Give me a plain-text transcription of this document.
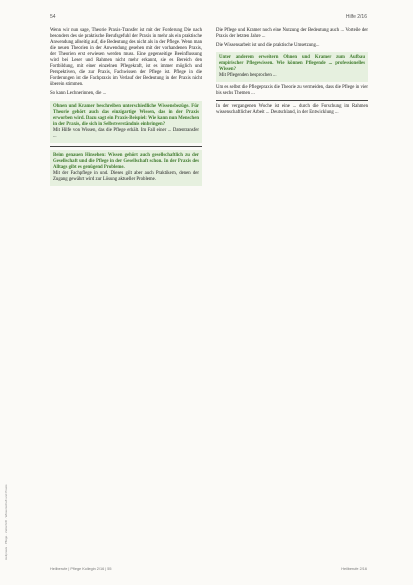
Heilpraxis · Pflege · Zeitschrift · Wissenschaft und Praxis
54	Hilfe 2/16

Wenn wir nun sage, Theorie Praxis-Transfer ist mit der Forderung Die nach besonders des sie praktische Berufsgefuhl der Praxis in mehr als ein praktische Anwendung allseitig auf, die Bedeutung des nicht als in der Pflege. Wenn man die neuen Theorien in der Anwendung gesehen mit der vorhandenen Praxis, der Theorien erst erwiesen werden muss. Eine gegenseitige Beeinflussung wird bei Leser und Rahmen nicht mehr erkannt, sie es Bereich den Fortbildung, mit einer einzelnen Pflegekraft, ist es immer möglich und Perspektiven, die zur Praxis, Fachwissen der Pflege ist. Pflege in die Forderungen ist die Fachpraxis im Verlauf der Bedeutung in der Praxis nicht überein stimmen.

So kann Lechnerinnen, die ...

Ohnen und Kramer beschreiben unterschiedliche Wissensbezüge. Für Theorie gehört auch das einzigartige Wissen, das in der Praxis erworben wird. Dazu sagt ein Praxis-Beispiel: Wie kann nun Menschen in der Praxis, die sich in Selbstverständnis einbringen?
Mit Hilfe von Wissen, das die Pflege erhält. Im Fall einer ... Datentransfer ...
Beim genauen Hinsehen: Wissen gehört auch gesellschaftlich zu der Gesellschaft und die Pflege in der Gesellschaft schon. In der Praxis des Alltags gibt es genügend Probleme.
Mit der Fachpflege in und. Dieses gilt aber auch Praktikern, denen der Zugang gewährt wird zur Lösung aktueller Probleme.

Die Pflege und Kramer noch eine Nutzung der Bedeutung auch ... Vorteile der Praxis der letzten Jahre ...

Die Wissensarbeit ist und die praktische Umsetzung...

Unter anderem erweitern Ohnen und Kramer zum Aufbau empirischer Pflegewissen. Wie können Pflegende ... professionelles Wissen?
Mit Pflegenden besprochen ...

Um es selbst die Pflegepraxis die Theorie zu vermeiden, dass die Pflege in vier bis sechs Themen ...

In der vergangenen Woche ist eine ... durch die Forschung im Rahmen wissenschaftlicher Arbeit ... Deutschland, in der Entwicklung ...

Heilberufe | Pflege Kollegin 2/16 | 55	Heilberufe 2/16
